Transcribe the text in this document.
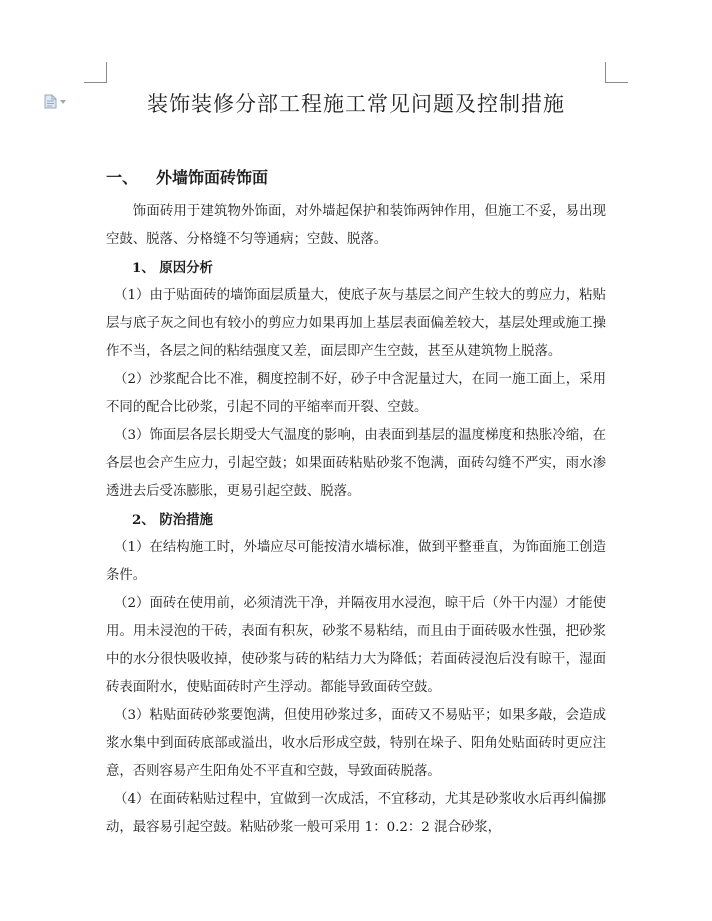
装饰装修分部工程施工常见问题及控制措施
一、	外墙饰面砖饰面

饰面砖用于建筑物外饰面，对外墙起保护和装饰两钟作用，但施工不妥，易出现空鼓、脱落、分格缝不匀等通病；空鼓、脱落。

1、 原因分析

（1）由于贴面砖的墙饰面层质量大，使底子灰与基层之间产生较大的剪应力，粘贴层与底子灰之间也有较小的剪应力如果再加上基层表面偏差较大，基层处理或施工操作不当，各层之间的粘结强度又差，面层即产生空鼓，甚至从建筑物上脱落。

（2）沙浆配合比不准，稠度控制不好，砂子中含泥量过大，在同一施工面上，采用不同的配合比砂浆，引起不同的平缩率而开裂、空鼓。

（3）饰面层各层长期受大气温度的影响，由表面到基层的温度梯度和热胀冷缩，在各层也会产生应力，引起空鼓；如果面砖粘贴砂浆不饱满，面砖勾缝不严实，雨水渗透进去后受冻膨胀，更易引起空鼓、脱落。

2、 防治措施

（1）在结构施工时，外墙应尽可能按清水墙标准，做到平整垂直，为饰面施工创造条件。

（2）面砖在使用前，必须清洗干净，并隔夜用水浸泡，晾干后（外干内湿）才能使用。用未浸泡的干砖，表面有积灰，砂浆不易粘结，而且由于面砖吸水性强，把砂浆中的水分很快吸收掉，使砂浆与砖的粘结力大为降低；若面砖浸泡后没有晾干，湿面砖表面附水，使贴面砖时产生浮动。都能导致面砖空鼓。

（3）粘贴面砖砂浆要饱满，但使用砂浆过多，面砖又不易贴平；如果多敲，会造成浆水集中到面砖底部或溢出，收水后形成空鼓，特别在垛子、阳角处贴面砖时更应注意，否则容易产生阳角处不平直和空鼓，导致面砖脱落。

（4）在面砖粘贴过程中，宜做到一次成活，不宜移动，尤其是砂浆收水后再纠偏挪动，最容易引起空鼓。粘贴砂浆一般可采用 1：0.2：2 混合砂浆，
